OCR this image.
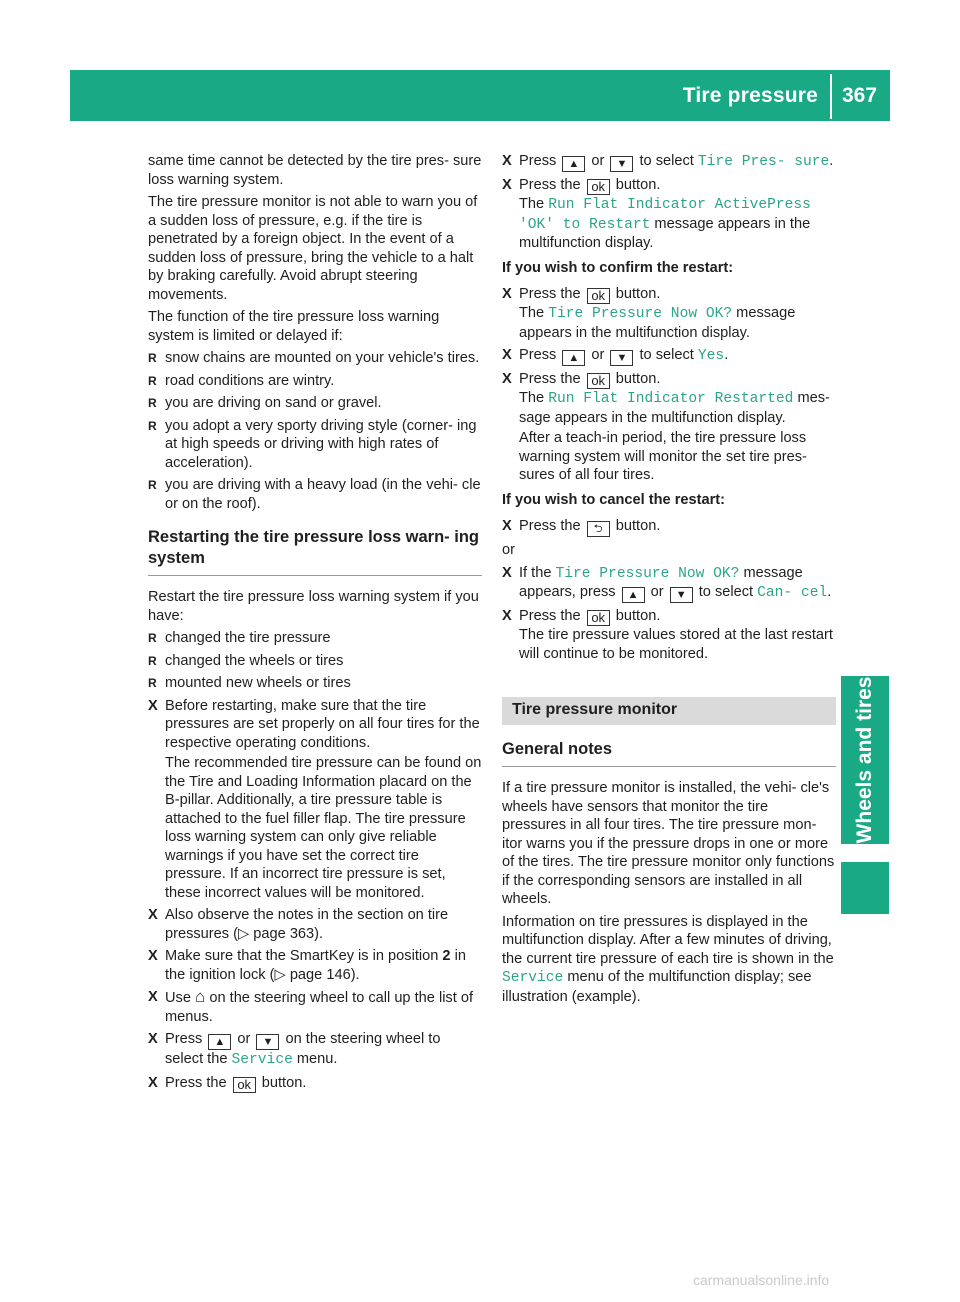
Tire pressure 367
Wheels and tires

same time cannot be detected by the tire pres- sure loss warning system.

The tire pressure monitor is not able to warn you of a sudden loss of pressure, e.g. if the tire is penetrated by a foreign object. In the event of a sudden loss of pressure, bring the vehicle to a halt by braking carefully. Avoid abrupt steering movements.

The function of the tire pressure loss warning system is limited or delayed if:

R snow chains are mounted on your vehicle's tires.
R road conditions are wintry.
R you are driving on sand or gravel.
R you adopt a very sporty driving style (corner- ing at high speeds or driving with high rates of acceleration).
R you are driving with a heavy load (in the vehi- cle or on the roof).
Restarting the tire pressure loss warn- ing system

Restart the tire pressure loss warning system if you have:

R changed the tire pressure
R changed the wheels or tires
R mounted new wheels or tires
X Before restarting, make sure that the tire pressures are set properly on all four tires for the respective operating conditions.
The recommended tire pressure can be found on the Tire and Loading Information placard on the B-pillar. Additionally, a tire pressure table is attached to the fuel filler flap. The tire pressure loss warning system can only give reliable warnings if you have set the correct tire pressure. If an incorrect tire pressure is set, these incorrect values will be monitored.
X Also observe the notes in the section on tire pressures (▷ page 363).
X Make sure that the SmartKey is in position 2 in the ignition lock (▷ page 146).
X Use ⌂ on the steering wheel to call up the list of menus.
X Press ▲ or ▼ on the steering wheel to select the Service menu.
X Press the ok button.
X Press ▲ or ▼ to select Tire Pres- sure.
X Press the ok button.
The Run Flat Indicator ActivePress 'OK' to Restart message appears in the multifunction display.

If you wish to confirm the restart:

X Press the ok button.
The Tire Pressure Now OK? message appears in the multifunction display.
X Press ▲ or ▼ to select Yes.
X Press the ok button.
The Run Flat Indicator Restarted mes- sage appears in the multifunction display.
After a teach-in period, the tire pressure loss warning system will monitor the set tire pres- sures of all four tires.

If you wish to cancel the restart:

X Press the ⮌ button.

or

X If the Tire Pressure Now OK? message appears, press ▲ or ▼ to select Can- cel.
X Press the ok button.
The tire pressure values stored at the last restart will continue to be monitored.
Tire pressure monitor
General notes

If a tire pressure monitor is installed, the vehi- cle's wheels have sensors that monitor the tire pressures in all four tires. The tire pressure mon- itor warns you if the pressure drops in one or more of the tires. The tire pressure monitor only functions if the corresponding sensors are installed in all wheels.

Information on tire pressures is displayed in the multifunction display. After a few minutes of driving, the current tire pressure of each tire is shown in the Service menu of the multifunction display; see illustration (example).

carmanualsonline.info
